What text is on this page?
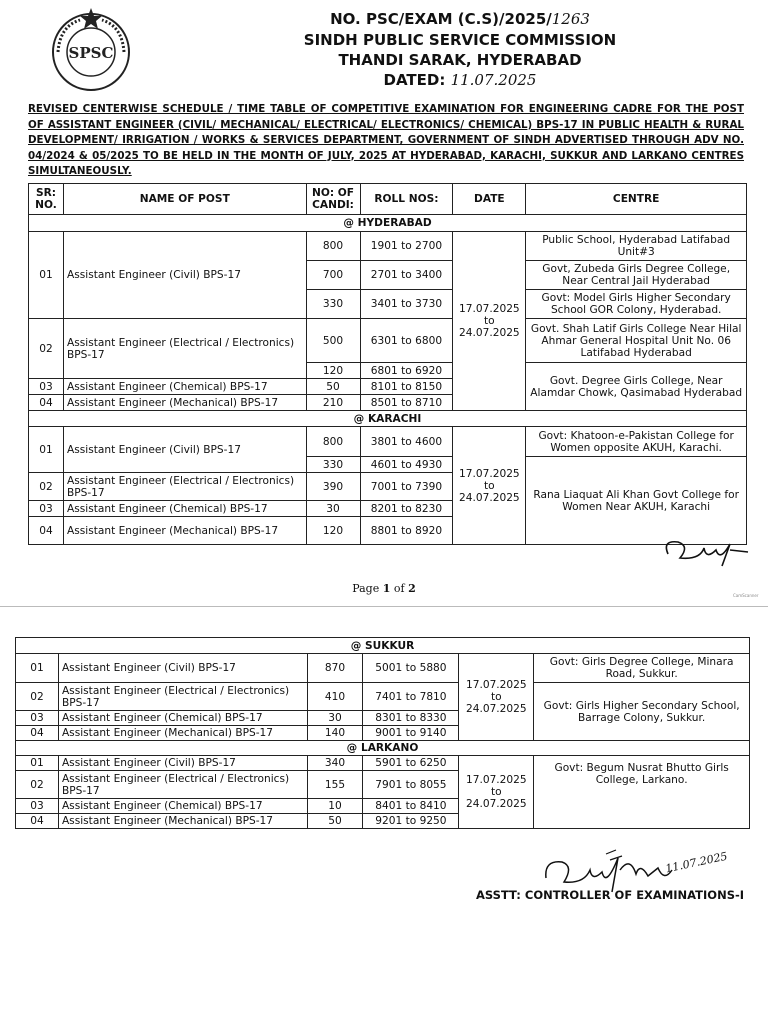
SPSC
NO. PSC/EXAM (C.S)/2025/1263
SINDH PUBLIC SERVICE COMMISSION
THANDI SARAK, HYDERABAD
DATED: 11.07.2025
REVISED CENTERWISE SCHEDULE / TIME TABLE OF COMPETITIVE EXAMINATION FOR ENGINEERING CADRE FOR THE POST OF ASSISTANT ENGINEER (CIVIL/ MECHANICAL/ ELECTRICAL/ ELECTRONICS/ CHEMICAL) BPS-17 IN PUBLIC HEALTH & RURAL DEVELOPMENT/ IRRIGATION / WORKS & SERVICES DEPARTMENT, GOVERNMENT OF SINDH ADVERTISED THROUGH ADV NO. 04/2024 & 05/2025 TO BE HELD IN THE MONTH OF JULY, 2025 AT HYDERABAD, KARACHI, SUKKUR AND LARKANO CENTRES SIMULTANEOUSLY.
SR: NO.	NAME OF POST	NO: OF CANDI:	ROLL NOS:	DATE	CENTRE
@ HYDERABAD					
01	Assistant Engineer (Civil) BPS-17	800	1901 to 2700	17.07.2025
to
24.07.2025	Public School, Hyderabad Latifabad Unit#3
		700	2701 to 3400		Govt, Zubeda Girls Degree College, Near Central Jail Hyderabad
		330	3401 to 3730		Govt: Model Girls Higher Secondary School GOR Colony, Hyderabad.
02	Assistant Engineer (Electrical / Electronics) BPS-17	500	6301 to 6800		Govt. Shah Latif Girls College Near Hilal Ahmar General Hospital Unit No. 06 Latifabad Hyderabad
		120	6801 to 6920		Govt. Degree Girls College, Near Alamdar Chowk, Qasimabad Hyderabad
03	Assistant Engineer (Chemical) BPS-17	50	8101 to 8150		
04	Assistant Engineer (Mechanical) BPS-17	210	8501 to 8710		
@ KARACHI					
01	Assistant Engineer (Civil) BPS-17	800	3801 to 4600	17.07.2025
to
24.07.2025	Govt: Khatoon-e-Pakistan College for Women opposite AKUH, Karachi.
		330	4601 to 4930		Rana Liaquat Ali Khan Govt College for Women Near AKUH, Karachi
02	Assistant Engineer (Electrical / Electronics) BPS-17	390	7001 to 7390		
03	Assistant Engineer (Chemical) BPS-17	30	8201 to 8230		
04	Assistant Engineer (Mechanical) BPS-17	120	8801 to 8920		
Page 1 of 2
CamScanner
@ SUKKUR					
01	Assistant Engineer (Civil) BPS-17	870	5001 to 5880	17.07.2025
to
24.07.2025	Govt: Girls Degree College, Minara Road, Sukkur.
02	Assistant Engineer (Electrical / Electronics) BPS-17	410	7401 to 7810		Govt: Girls Higher Secondary School, Barrage Colony, Sukkur.
03	Assistant Engineer (Chemical) BPS-17	30	8301 to 8330		
04	Assistant Engineer (Mechanical) BPS-17	140	9001 to 9140		
@ LARKANO					
01	Assistant Engineer (Civil) BPS-17	340	5901 to 6250	17.07.2025
to
24.07.2025	Govt: Begum Nusrat Bhutto Girls College, Larkano.
02	Assistant Engineer (Electrical / Electronics) BPS-17	155	7901 to 8055		
03	Assistant Engineer (Chemical) BPS-17	10	8401 to 8410		
04	Assistant Engineer (Mechanical) BPS-17	50	9201 to 9250		
11.07.2025
ASSTT: CONTROLLER OF EXAMINATIONS-I
